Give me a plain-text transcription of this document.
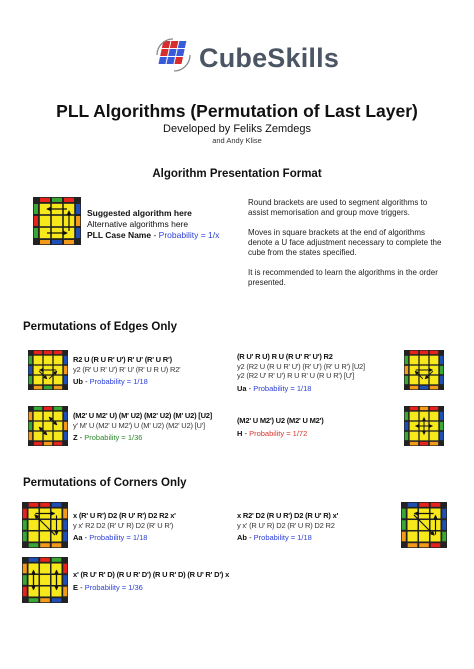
CubeSkills
PLL Algorithms (Permutation of Last Layer)
Developed by Feliks Zemdegs
and Andy Klise
Algorithm Presentation Format
Suggested algorithm here
Alternative algorithms here
PLL Case Name - Probability = 1/x
Round brackets are used to segment algorithms to assist memorisation and group move triggers.
Moves in square brackets at the end of algorithms denote a U face adjustment necessary to complete the cube from the states specified.
It is recommended to learn the algorithms in the order presented.
Permutations of Edges Only
R2 U (R U R' U') R' U' (R' U R')
y2 (R' U R' U') R' U' (R' U R U) R2'
Ub - Probability = 1/18
(R U' R U) R U (R U' R' U') R2
y2 (R2 U (R U R' U') (R' U') (R' U R') [U2]
y2 (R2 U' R' U') R U R' U (R U R') [U']
Ua - Probability = 1/18
(M2' U M2' U) (M' U2) (M2' U2) (M' U2) [U2]
y' M' U (M2' U M2') U (M' U2) (M2' U2) [U']
Z - Probability = 1/36
(M2' U M2') U2 (M2' U M2')
H - Probability = 1/72
Permutations of Corners Only
x (R' U R') D2 (R U' R') D2 R2 x'
y x' R2 D2 (R' U' R) D2 (R' U R')
Aa - Probability = 1/18
x R2' D2 (R U R') D2 (R U' R) x'
y x' (R U' R) D2 (R' U R) D2 R2
Ab - Probability = 1/18
x' (R U' R' D) (R U R' D') (R U R' D) (R U' R' D') x
E - Probability = 1/36
